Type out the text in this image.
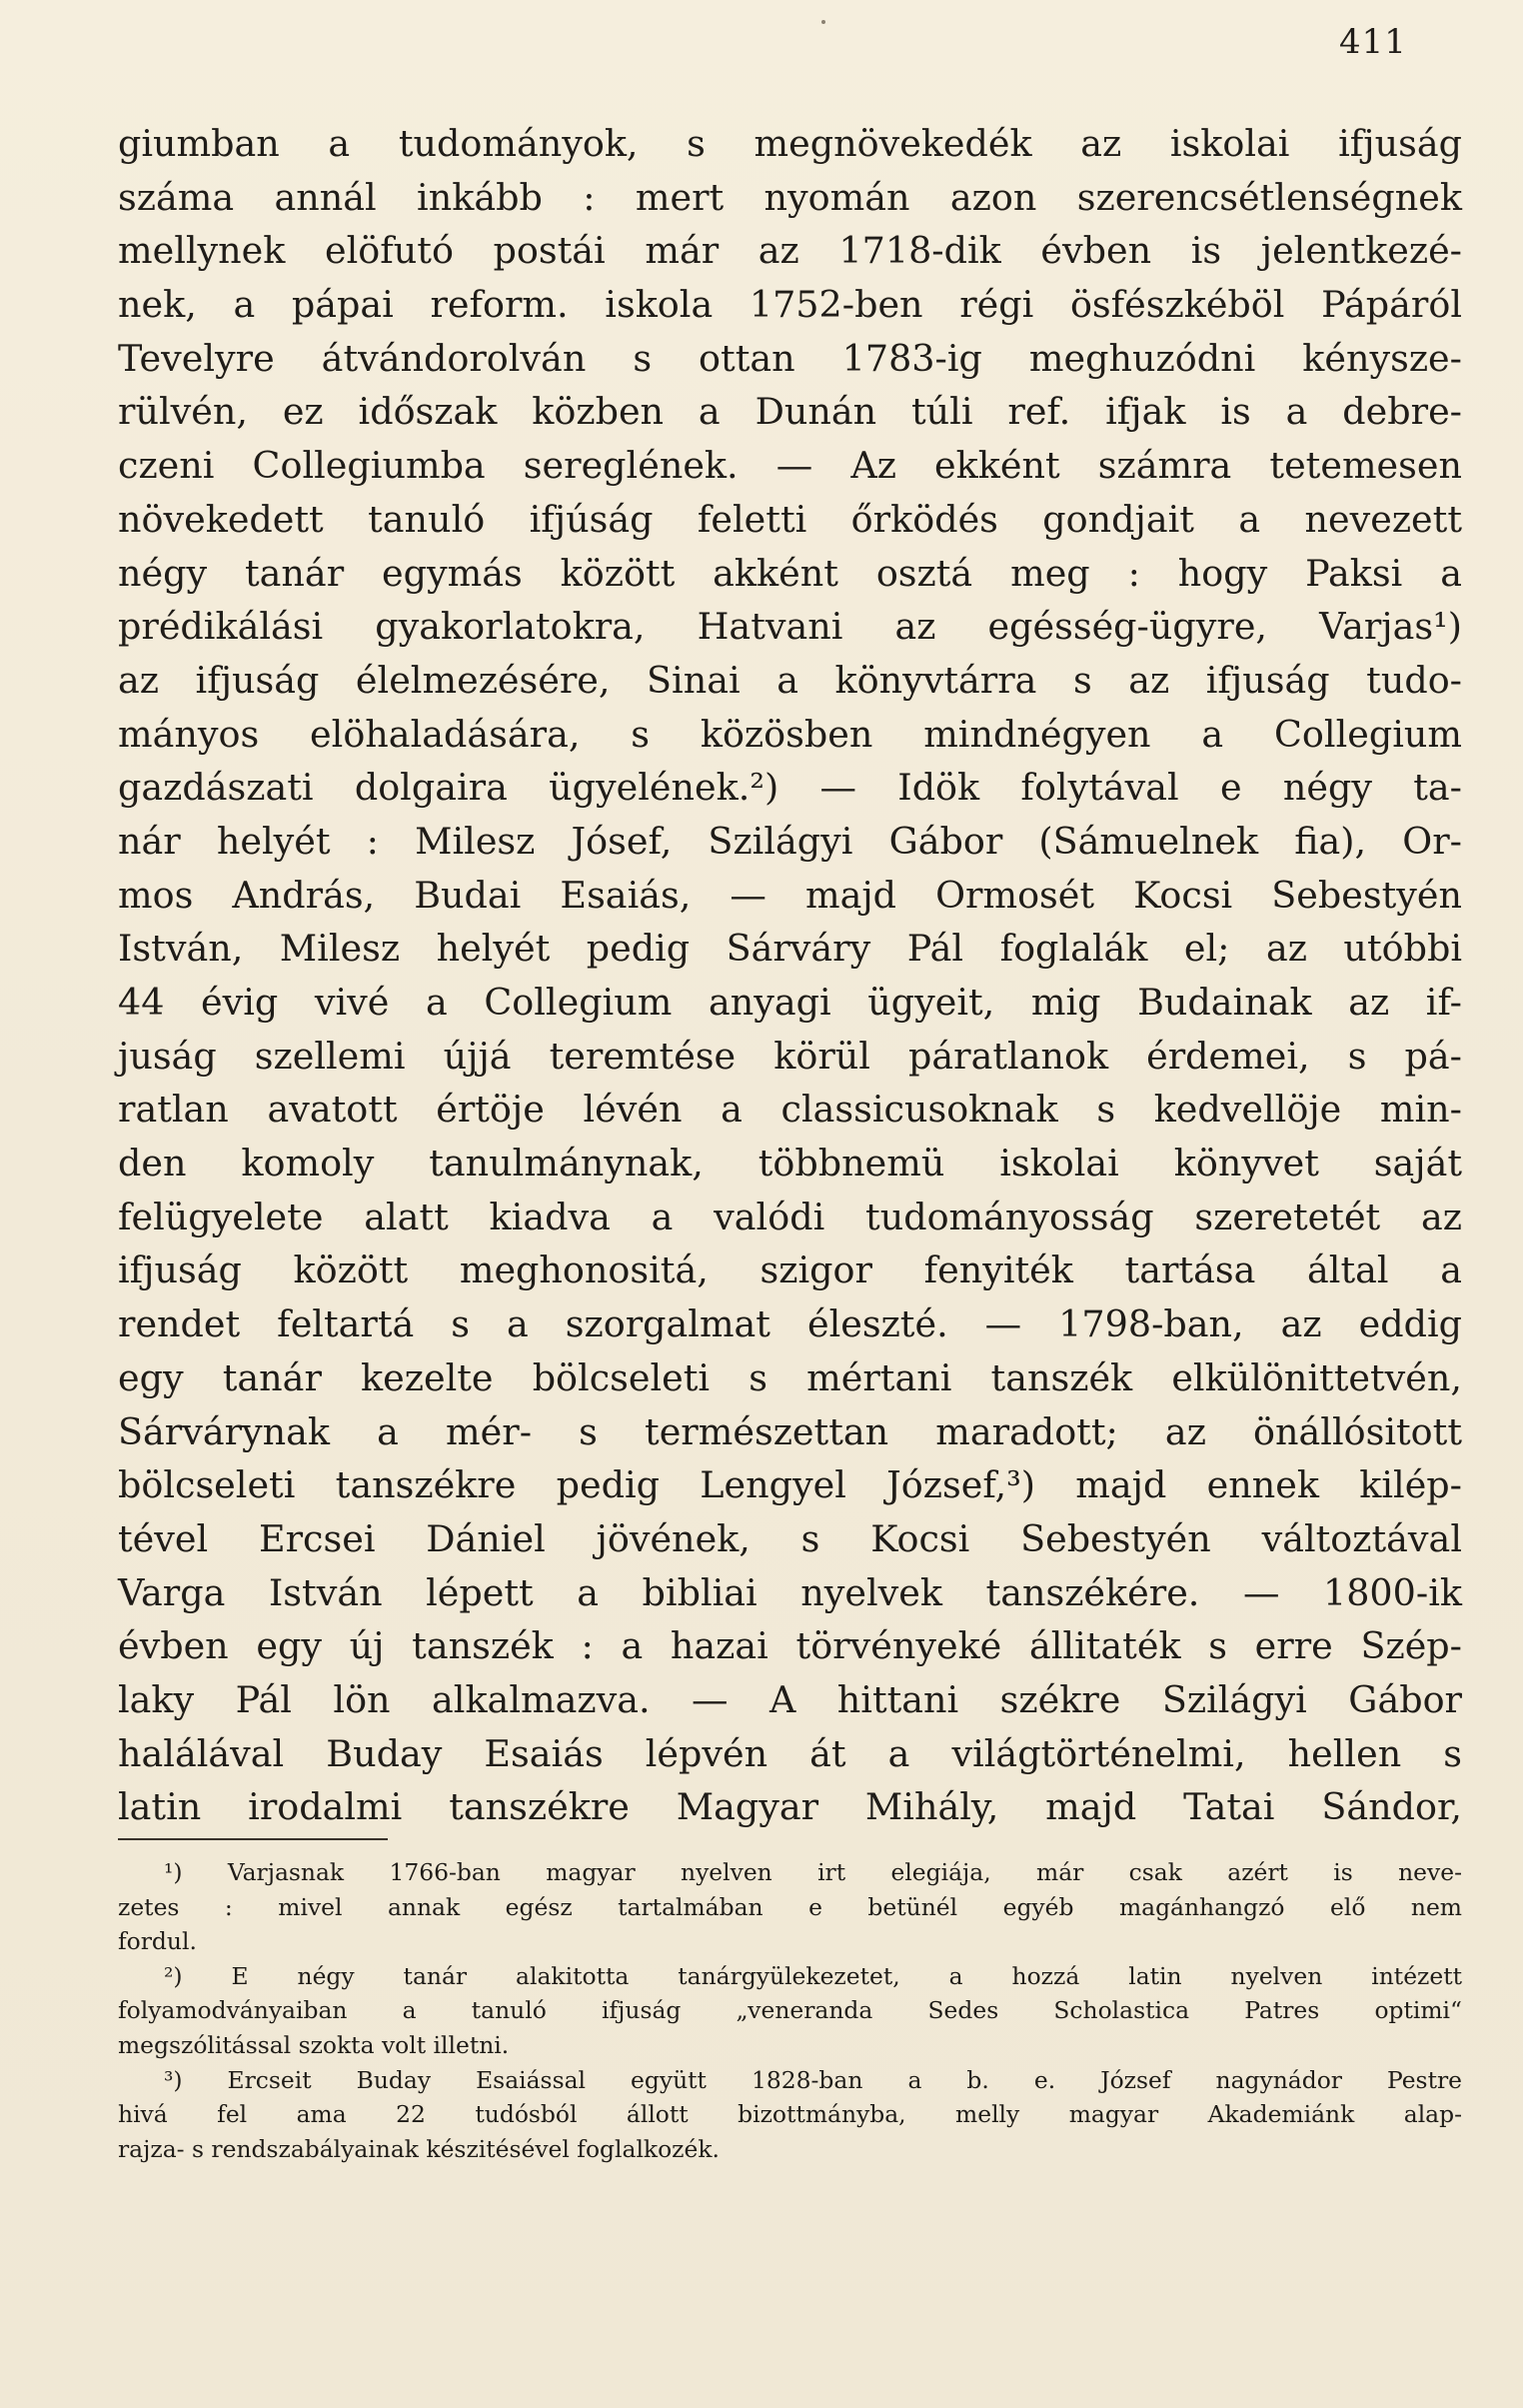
411
giumban a tudományok, s megnövekedék az iskolai ifjuság
száma annál inkább : mert nyomán azon szerencsétlenségnek
mellynek elöfutó postái már az 1718-dik évben is jelentkezé-
nek, a pápai reform. iskola 1752-ben régi ösfészkéböl Pápáról
Tevelyre átvándorolván s ottan 1783-ig meghuzódni kénysze-
rülvén, ez időszak közben a Dunán túli ref. ifjak is a debre-
czeni Collegiumba sereglének. — Az ekként számra tetemesen
növekedett tanuló ifjúság feletti őrködés gondjait a nevezett
négy tanár egymás között akként osztá meg : hogy Paksi a
prédikálási gyakorlatokra, Hatvani az egésség-ügyre, Varjas¹)
az ifjuság élelmezésére, Sinai a könyvtárra s az ifjuság tudo-
mányos elöhaladására, s közösben mindnégyen a Collegium
gazdászati dolgaira ügyelének.²) — Idök folytával e négy ta-
nár helyét : Milesz Jósef, Szilágyi Gábor (Sámuelnek fia), Or-
mos András, Budai Esaiás, — majd Ormosét Kocsi Sebestyén
István, Milesz helyét pedig Sárváry Pál foglalák el; az utóbbi
44 évig vivé a Collegium anyagi ügyeit, mig Budainak az if-
juság szellemi újjá teremtése körül páratlanok érdemei, s pá-
ratlan avatott értöje lévén a classicusoknak s kedvellöje min-
den komoly tanulmánynak, többnemü iskolai könyvet saját
felügyelete alatt kiadva a valódi tudományosság szeretetét az
ifjuság között meghonositá, szigor fenyiték tartása által a
rendet feltartá s a szorgalmat éleszté. — 1798-ban, az eddig
egy tanár kezelte bölcseleti s mértani tanszék elkülönittetvén,
Sárvárynak a mér- s természettan maradott; az önállósitott
bölcseleti tanszékre pedig Lengyel József,³) majd ennek kilép-
tével Ercsei Dániel jövének, s Kocsi Sebestyén változtával
Varga István lépett a bibliai nyelvek tanszékére. — 1800-ik
évben egy új tanszék : a hazai törvényeké állitaték s erre Szép-
laky Pál lön alkalmazva. — A hittani székre Szilágyi Gábor
halálával Buday Esaiás lépvén át a világtörténelmi, hellen s
latin irodalmi tanszékre Magyar Mihály, majd Tatai Sándor,
¹) Varjasnak 1766-ban magyar nyelven irt elegiája, már csak azért is neve-
zetes : mivel annak egész tartalmában e betünél egyéb magánhangzó elő nem
fordul.
²) E négy tanár alakitotta tanárgyülekezetet, a hozzá latin nyelven intézett
folyamodványaiban a tanuló ifjuság „veneranda Sedes Scholastica Patres optimi“
megszólitással szokta volt illetni.
³) Ercseit Buday Esaiással együtt 1828-ban a b. e. József nagynádor Pestre
hivá fel ama 22 tudósból állott bizottmányba, melly magyar Akademiánk alap-
rajza- s rendszabályainak készitésével foglalkozék.
